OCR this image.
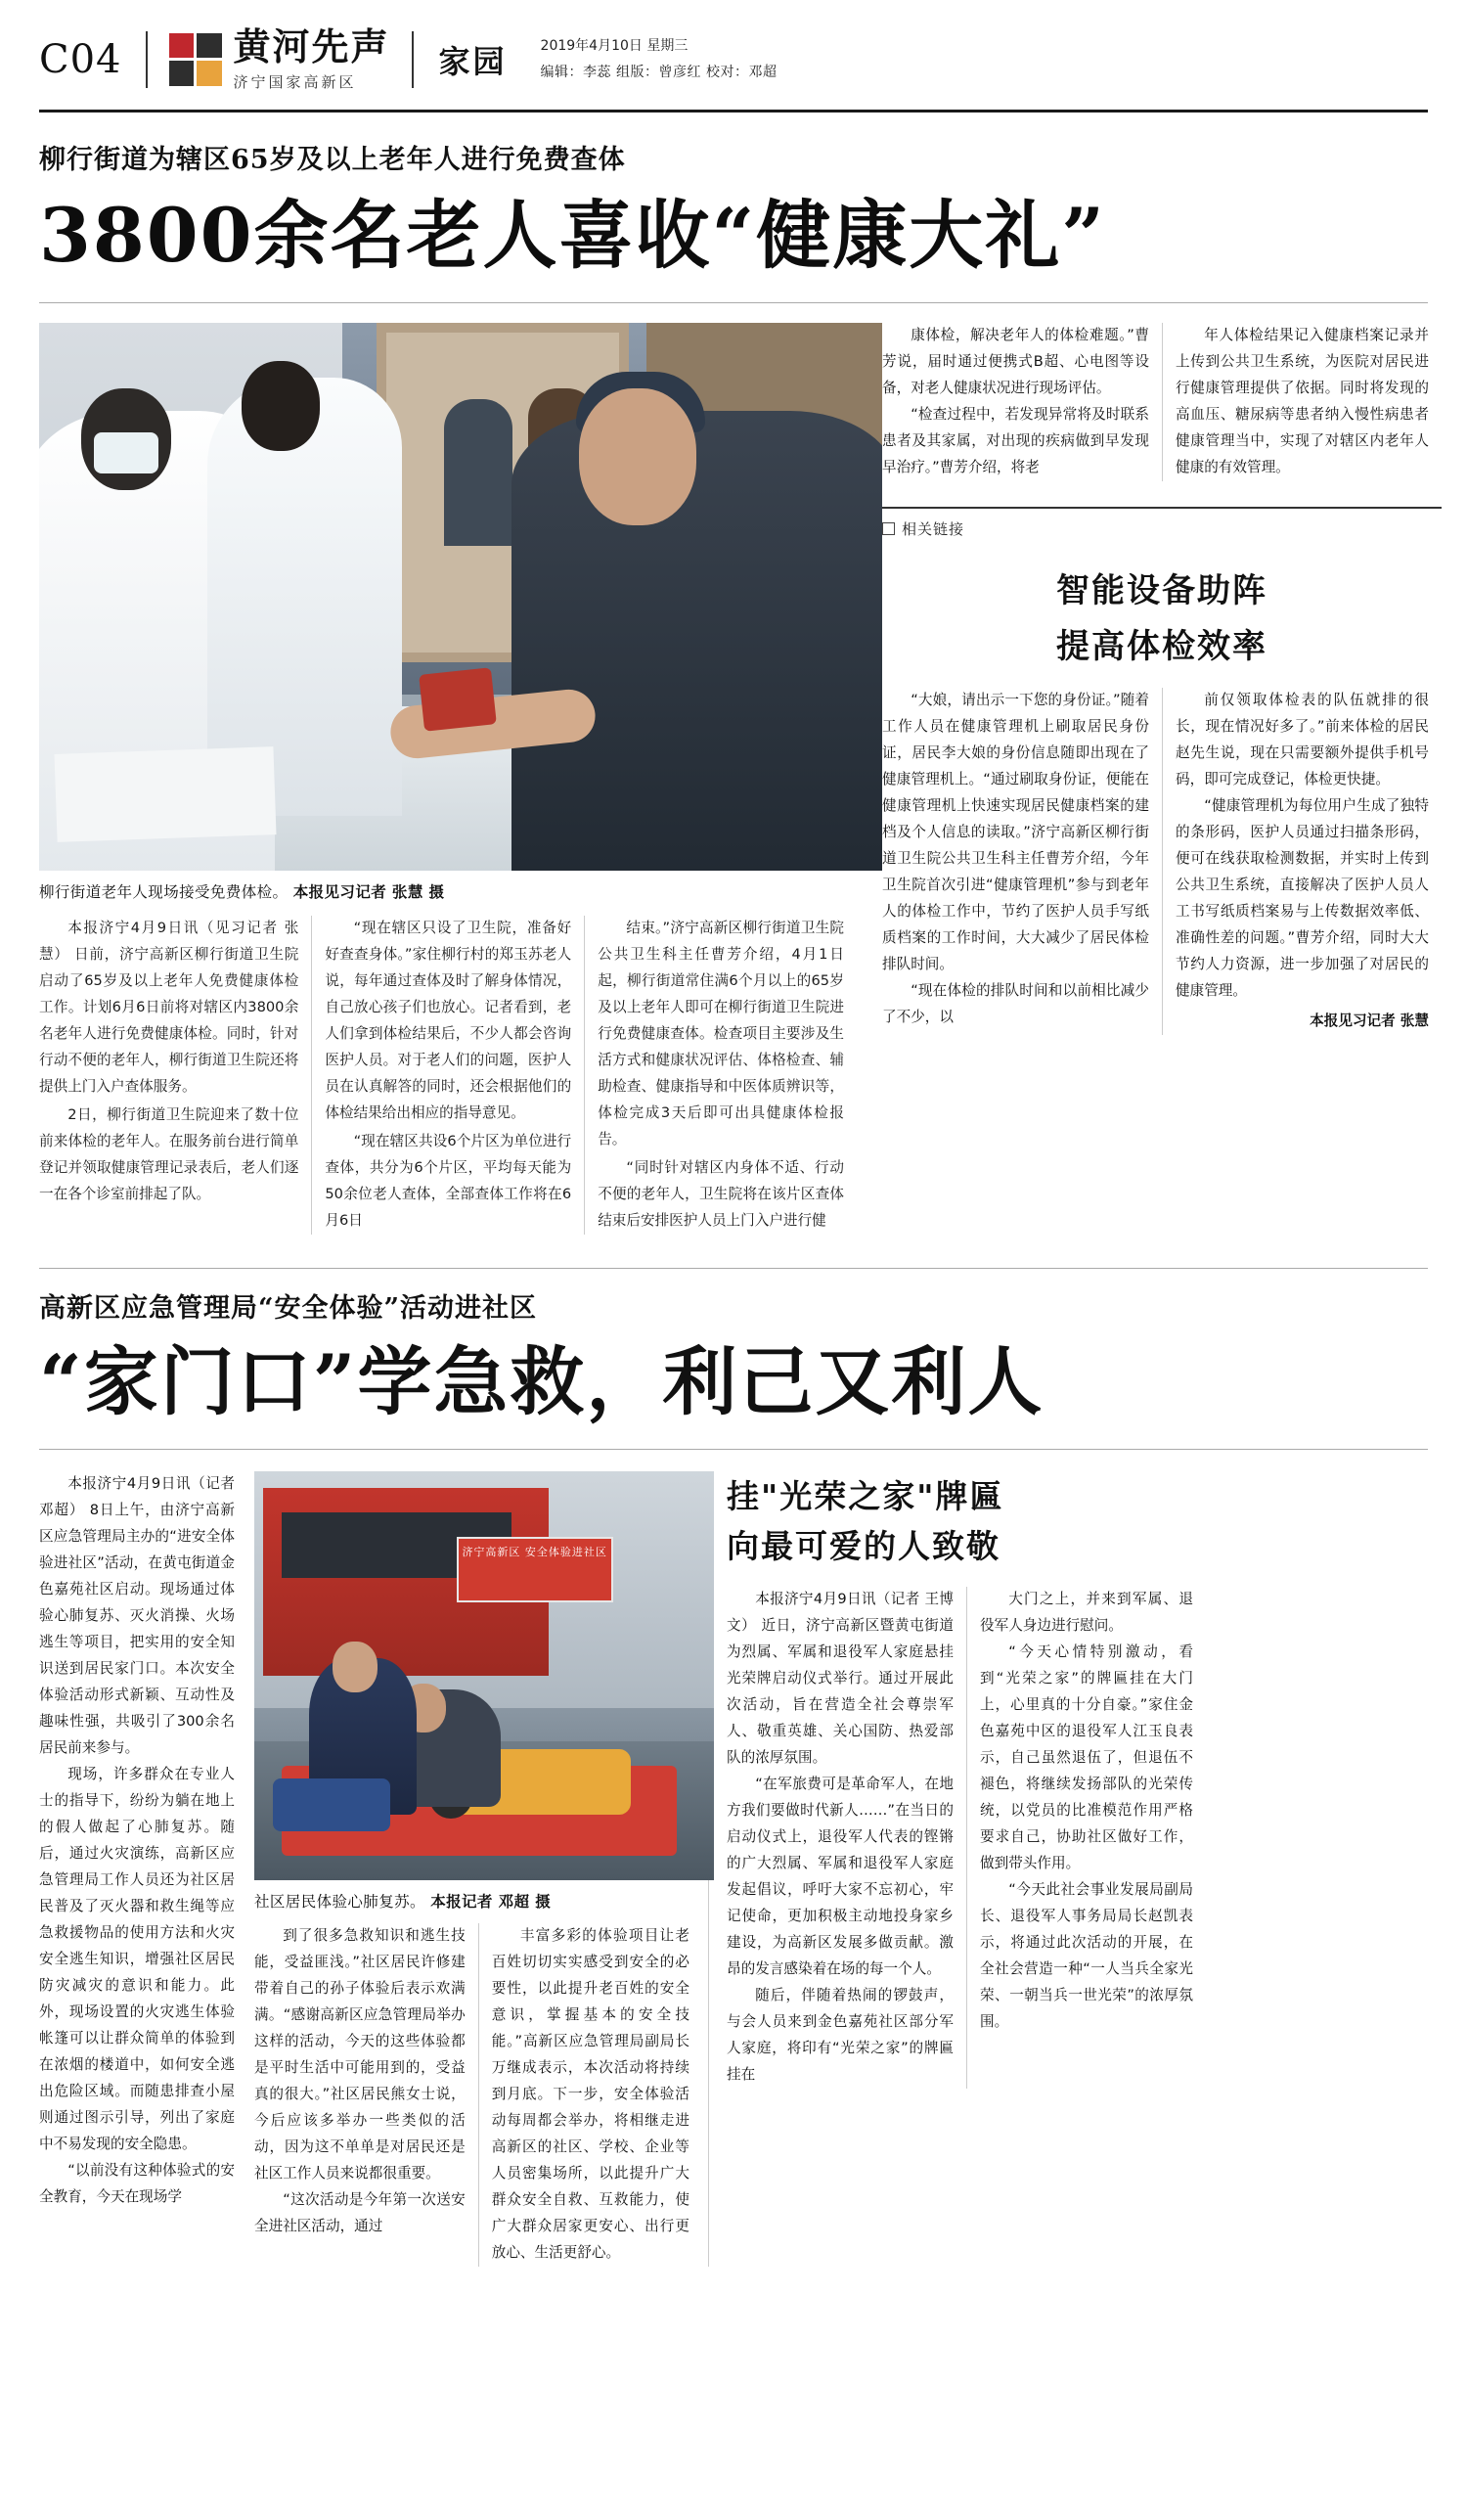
C04	黄河先声
济宁国家高新区
家园	2019年4月10日 星期三
编辑：李蕊 组版：曾彦红 校对：邓超
柳行街道为辖区65岁及以上老年人进行免费查体
3800余名老人喜收“健康大礼”
柳行街道老年人现场接受免费体检。 本报见习记者 张慧 摄

本报济宁4月9日讯（见习记者 张慧） 日前，济宁高新区柳行街道卫生院启动了65岁及以上老年人免费健康体检工作。计划6月6日前将对辖区内3800余名老年人进行免费健康体检。同时，针对行动不便的老年人，柳行街道卫生院还将提供上门入户查体服务。

2日，柳行街道卫生院迎来了数十位前来体检的老年人。在服务前台进行简单登记并领取健康管理记录表后，老人们逐一在各个诊室前排起了队。

“现在辖区只设了卫生院，准备好好查查身体。”家住柳行村的郑玉苏老人说，每年通过查体及时了解身体情况，自己放心孩子们也放心。记者看到，老人们拿到体检结果后，不少人都会咨询医护人员。对于老人们的问题，医护人员在认真解答的同时，还会根据他们的体检结果给出相应的指导意见。

“现在辖区共设6个片区为单位进行查体，共分为6个片区，平均每天能为50余位老人查体，全部查体工作将在6月6日

结束。”济宁高新区柳行街道卫生院公共卫生科主任曹芳介绍，4月1日起，柳行街道常住满6个月以上的65岁及以上老年人即可在柳行街道卫生院进行免费健康查体。检查项目主要涉及生活方式和健康状况评估、体格检查、辅助检查、健康指导和中医体质辨识等，体检完成3天后即可出具健康体检报告。

“同时针对辖区内身体不适、行动不便的老年人，卫生院将在该片区查体结束后安排医护人员上门入户进行健

康体检，解决老年人的体检难题。”曹芳说，届时通过便携式B超、心电图等设备，对老人健康状况进行现场评估。

“检查过程中，若发现异常将及时联系患者及其家属，对出现的疾病做到早发现早治疗。”曹芳介绍，将老

年人体检结果记入健康档案记录并上传到公共卫生系统，为医院对居民进行健康管理提供了依据。同时将发现的高血压、糖尿病等患者纳入慢性病患者健康管理当中，实现了对辖区内老年人健康的有效管理。

相关链接
智能设备助阵
提高体检效率

“大娘，请出示一下您的身份证。”随着工作人员在健康管理机上刷取居民身份证，居民李大娘的身份信息随即出现在了健康管理机上。“通过刷取身份证，便能在健康管理机上快速实现居民健康档案的建档及个人信息的读取。”济宁高新区柳行街道卫生院公共卫生科主任曹芳介绍，今年卫生院首次引进“健康管理机”参与到老年人的体检工作中，节约了医护人员手写纸质档案的工作时间，大大减少了居民体检排队时间。

“现在体检的排队时间和以前相比减少了不少，以

前仅领取体检表的队伍就排的很长，现在情况好多了。”前来体检的居民赵先生说，现在只需要额外提供手机号码，即可完成登记，体检更快捷。

“健康管理机为每位用户生成了独特的条形码，医护人员通过扫描条形码，便可在线获取检测数据，并实时上传到公共卫生系统，直接解决了医护人员人工书写纸质档案易与上传数据效率低、准确性差的问题。”曹芳介绍，同时大大节约人力资源，进一步加强了对居民的健康管理。

本报见习记者 张慧
高新区应急管理局“安全体验”活动进社区
“家门口”学急救，利己又利人

本报济宁4月9日讯（记者邓超） 8日上午，由济宁高新区应急管理局主办的“进安全体验进社区”活动，在黄屯街道金色嘉苑社区启动。现场通过体验心肺复苏、灭火消操、火场逃生等项目，把实用的安全知识送到居民家门口。本次安全体验活动形式新颖、互动性及趣味性强，共吸引了300余名居民前来参与。

现场，许多群众在专业人士的指导下，纷纷为躺在地上的假人做起了心肺复苏。随后，通过火灾演练，高新区应急管理局工作人员还为社区居民普及了灭火器和救生绳等应急救援物品的使用方法和火灾安全逃生知识，增强社区居民防灾减灾的意识和能力。此外，现场设置的火灾逃生体验帐篷可以让群众简单的体验到在浓烟的楼道中，如何安全逃出危险区域。而随患排查小屋则通过图示引导，列出了家庭中不易发现的安全隐患。

“以前没有这种体验式的安全教育，今天在现场学

济宁高新区 安全体验进社区
社区居民体验心肺复苏。 本报记者 邓超 摄

到了很多急救知识和逃生技能，受益匪浅。”社区居民许修建带着自己的孙子体验后表示欢满满。“感谢高新区应急管理局举办这样的活动，今天的这些体验都是平时生活中可能用到的，受益真的很大。”社区居民熊女士说，今后应该多举办一些类似的活动，因为这不单单是对居民还是社区工作人员来说都很重要。

“这次活动是今年第一次送安全进社区活动，通过

丰富多彩的体验项目让老百姓切切实实感受到安全的必要性，以此提升老百姓的安全意识，掌握基本的安全技能。”高新区应急管理局副局长万继成表示，本次活动将持续到月底。下一步，安全体验活动每周都会举办，将相继走进高新区的社区、学校、企业等人员密集场所，以此提升广大群众安全自救、互救能力，使广大群众居家更安心、出行更放心、生活更舒心。

挂"光荣之家"牌匾
向最可爱的人致敬

本报济宁4月9日讯（记者 王博文） 近日，济宁高新区暨黄屯街道为烈属、军属和退役军人家庭悬挂光荣牌启动仪式举行。通过开展此次活动，旨在营造全社会尊崇军人、敬重英雄、关心国防、热爱部队的浓厚氛围。

“在军旅费可是革命军人，在地方我们要做时代新人……”在当日的启动仪式上，退役军人代表的铿锵的广大烈属、军属和退役军人家庭发起倡议，呼吁大家不忘初心，牢记使命，更加积极主动地投身家乡建设，为高新区发展多做贡献。激昂的发言感染着在场的每一个人。

随后，伴随着热闹的锣鼓声，与会人员来到金色嘉苑社区部分军人家庭，将印有“光荣之家”的牌匾挂在

大门之上，并来到军属、退役军人身边进行慰问。

“今天心情特别激动，看到“光荣之家”的牌匾挂在大门上，心里真的十分自豪。”家住金色嘉苑中区的退役军人江玉良表示，自己虽然退伍了，但退伍不褪色，将继续发扬部队的光荣传统，以党员的比准模范作用严格要求自己，协助社区做好工作，做到带头作用。

“今天此社会事业发展局副局长、退役军人事务局局长赵凯表示，将通过此次活动的开展，在全社会营造一种“一人当兵全家光荣、一朝当兵一世光荣”的浓厚氛围。
